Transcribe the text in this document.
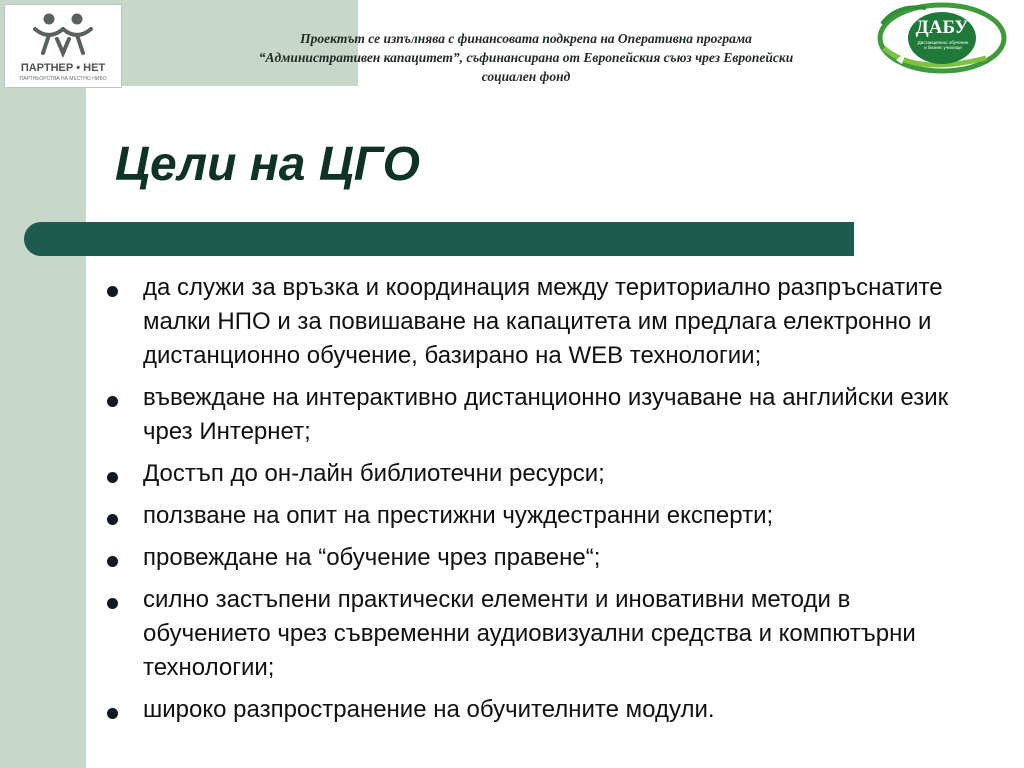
ПАРТНЕР • НЕТ
ПАРТНЬОРСТВА НА МЕСТНО НИВО
Проектът се изпълнява с финансовата подкрепа на Оперативна програма
“Административен капацитет”, съфинансирана от Европейския съюз чрез Европейски
социален фонд
ДАБУ
Дистанционно обучение и бизнес училище
Цели на ЦГО
да служи за връзка и координация между териториално разпръснатите малки НПО и за повишаване на капацитета им предлага електронно и дистанционно обучение, базирано на WEB технологии;
въвеждане на интерактивно дистанционно изучаване на английски език чрез Интернет;
Достъп до он-лайн библиотечни ресурси;
ползване на опит на престижни чуждестранни експерти;
провеждане на “обучение чрез правене“;
силно застъпени практически елементи и иновативни методи в обучението чрез съвременни аудиовизуални средства и компютърни технологии;
широко разпространение на обучителните модули.
